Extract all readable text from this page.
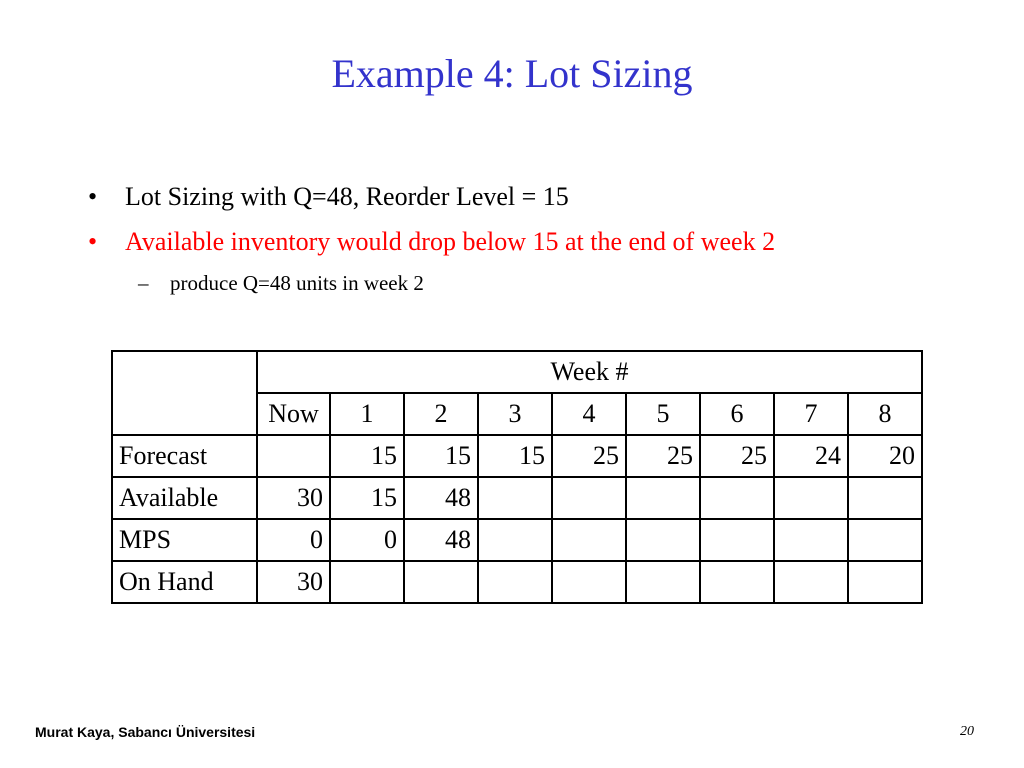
Example 4: Lot Sizing
• Lot Sizing with Q=48, Reorder Level = 15
• Available inventory would drop below 15 at the end of week 2
– produce Q=48 units in week 2
	Week #								
	Now	1	2	3	4	5	6	7	8
Forecast		15	15	15	25	25	25	24	20
Available	30	15	48						
MPS	0	0	48						
On Hand	30								
Murat Kaya, Sabancı Üniversitesi	20
